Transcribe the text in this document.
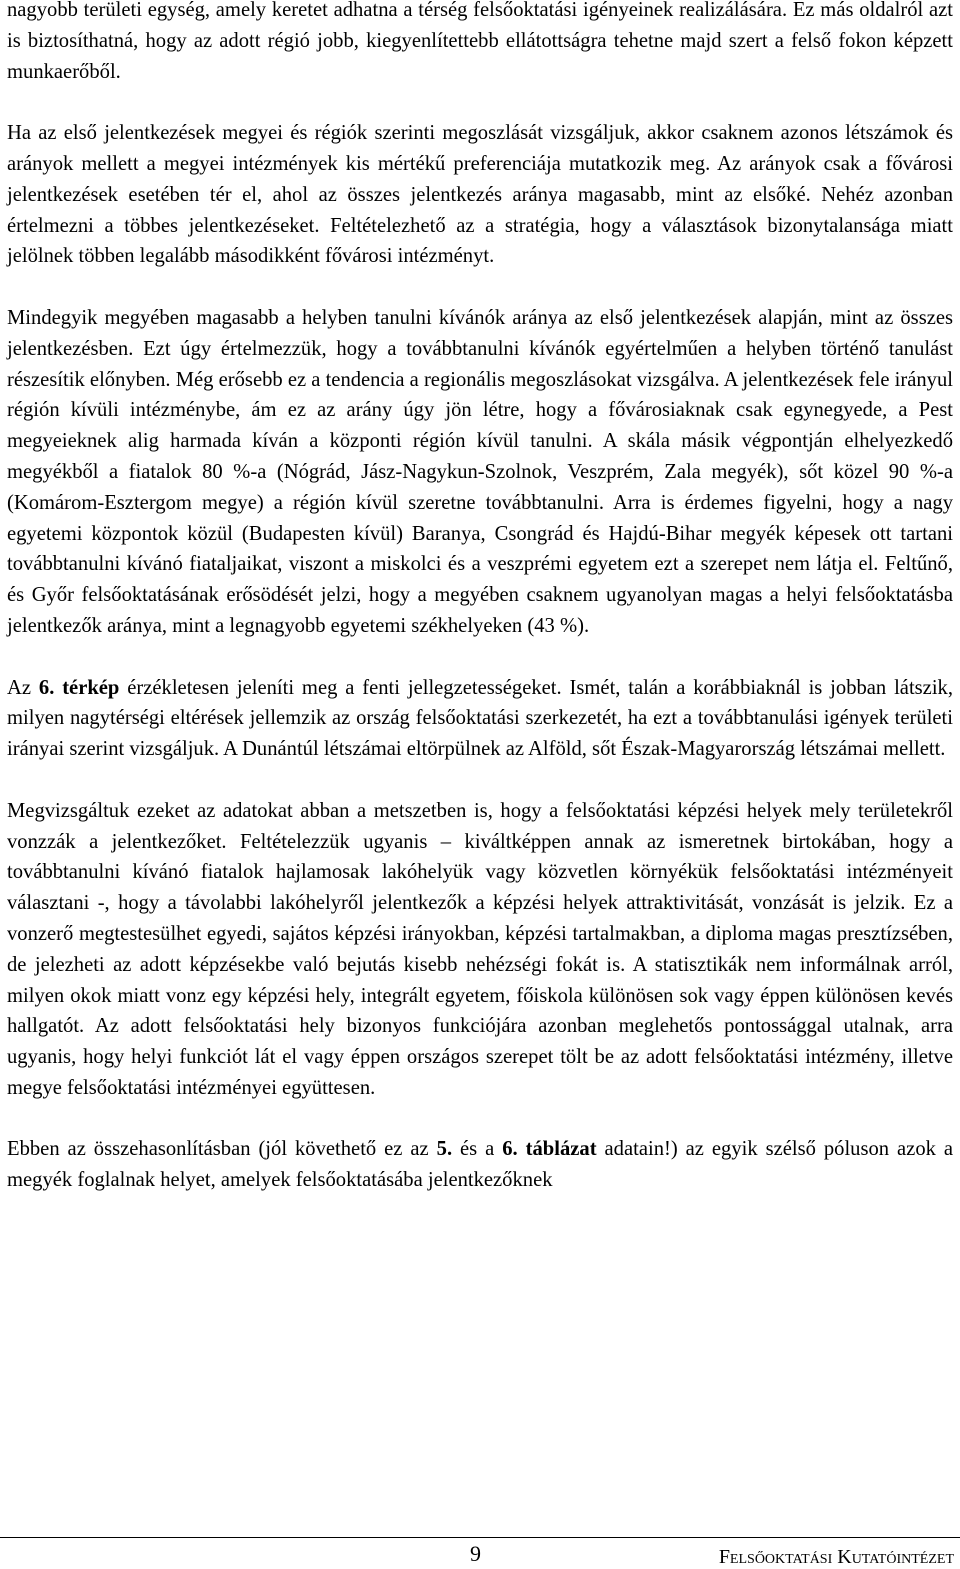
nagyobb területi egység, amely keretet adhatna a térség felsőoktatási igényeinek realizálására. Ez más oldalról azt is biztosíthatná, hogy az adott régió jobb, kiegyenlítettebb ellátottságra tehetne majd szert a felső fokon képzett munkaerőből.

Ha az első jelentkezések megyei és régiók szerinti megoszlását vizsgáljuk, akkor csaknem azonos létszámok és arányok mellett a megyei intézmények kis mértékű preferenciája mutatkozik meg. Az arányok csak a fővárosi jelentkezések esetében tér el, ahol az összes jelentkezés aránya magasabb, mint az elsőké. Nehéz azonban értelmezni a többes jelentkezéseket. Feltételezhető az a stratégia, hogy a választások bizonytalansága miatt jelölnek többen legalább másodikként fővárosi intézményt.

Mindegyik megyében magasabb a helyben tanulni kívánók aránya az első jelentkezések alapján, mint az összes jelentkezésben. Ezt úgy értelmezzük, hogy a továbbtanulni kívánók egyértelműen a helyben történő tanulást részesítik előnyben. Még erősebb ez a tendencia a regionális megoszlásokat vizsgálva. A jelentkezések fele irányul régión kívüli intézménybe, ám ez az arány úgy jön létre, hogy a fővárosiaknak csak egynegyede, a Pest megyeieknek alig harmada kíván a központi régión kívül tanulni. A skála másik végpontján elhelyezkedő megyékből a fiatalok 80 %-a (Nógrád, Jász-Nagykun-Szolnok, Veszprém, Zala megyék), sőt közel 90 %-a (Komárom-Esztergom megye) a régión kívül szeretne továbbtanulni. Arra is érdemes figyelni, hogy a nagy egyetemi központok közül (Budapesten kívül) Baranya, Csongrád és Hajdú-Bihar megyék képesek ott tartani továbbtanulni kívánó fiataljaikat, viszont a miskolci és a veszprémi egyetem ezt a szerepet nem látja el. Feltűnő, és Győr felsőoktatásának erősödését jelzi, hogy a megyében csaknem ugyanolyan magas a helyi felsőoktatásba jelentkezők aránya, mint a legnagyobb egyetemi székhelyeken (43 %).

Az 6. térkép érzékletesen jeleníti meg a fenti jellegzetességeket. Ismét, talán a korábbiaknál is jobban látszik, milyen nagytérségi eltérések jellemzik az ország felsőoktatási szerkezetét, ha ezt a továbbtanulási igények területi irányai szerint vizsgáljuk. A Dunántúl létszámai eltörpülnek az Alföld, sőt Észak-Magyarország létszámai mellett.

Megvizsgáltuk ezeket az adatokat abban a metszetben is, hogy a felsőoktatási képzési helyek mely területekről vonzzák a jelentkezőket. Feltételezzük ugyanis – kiváltképpen annak az ismeretnek birtokában, hogy a továbbtanulni kívánó fiatalok hajlamosak lakóhelyük vagy közvetlen környékük felsőoktatási intézményeit választani -, hogy a távolabbi lakóhelyről jelentkezők a képzési helyek attraktivitását, vonzását is jelzik. Ez a vonzerő megtestesülhet egyedi, sajátos képzési irányokban, képzési tartalmakban, a diploma magas presztízsében, de jelezheti az adott képzésekbe való bejutás kisebb nehézségi fokát is. A statisztikák nem informálnak arról, milyen okok miatt vonz egy képzési hely, integrált egyetem, főiskola különösen sok vagy éppen különösen kevés hallgatót. Az adott felsőoktatási hely bizonyos funkciójára azonban meglehetős pontossággal utalnak, arra ugyanis, hogy helyi funkciót lát el vagy éppen országos szerepet tölt be az adott felsőoktatási intézmény, illetve megye felsőoktatási intézményei együttesen.

Ebben az összehasonlításban (jól követhető ez az 5. és a 6. táblázat adatain!) az egyik szélső póluson azok a megyék foglalnak helyet, amelyek felsőoktatásába jelentkezőknek

9	Felsőoktatási Kutatóintézet
